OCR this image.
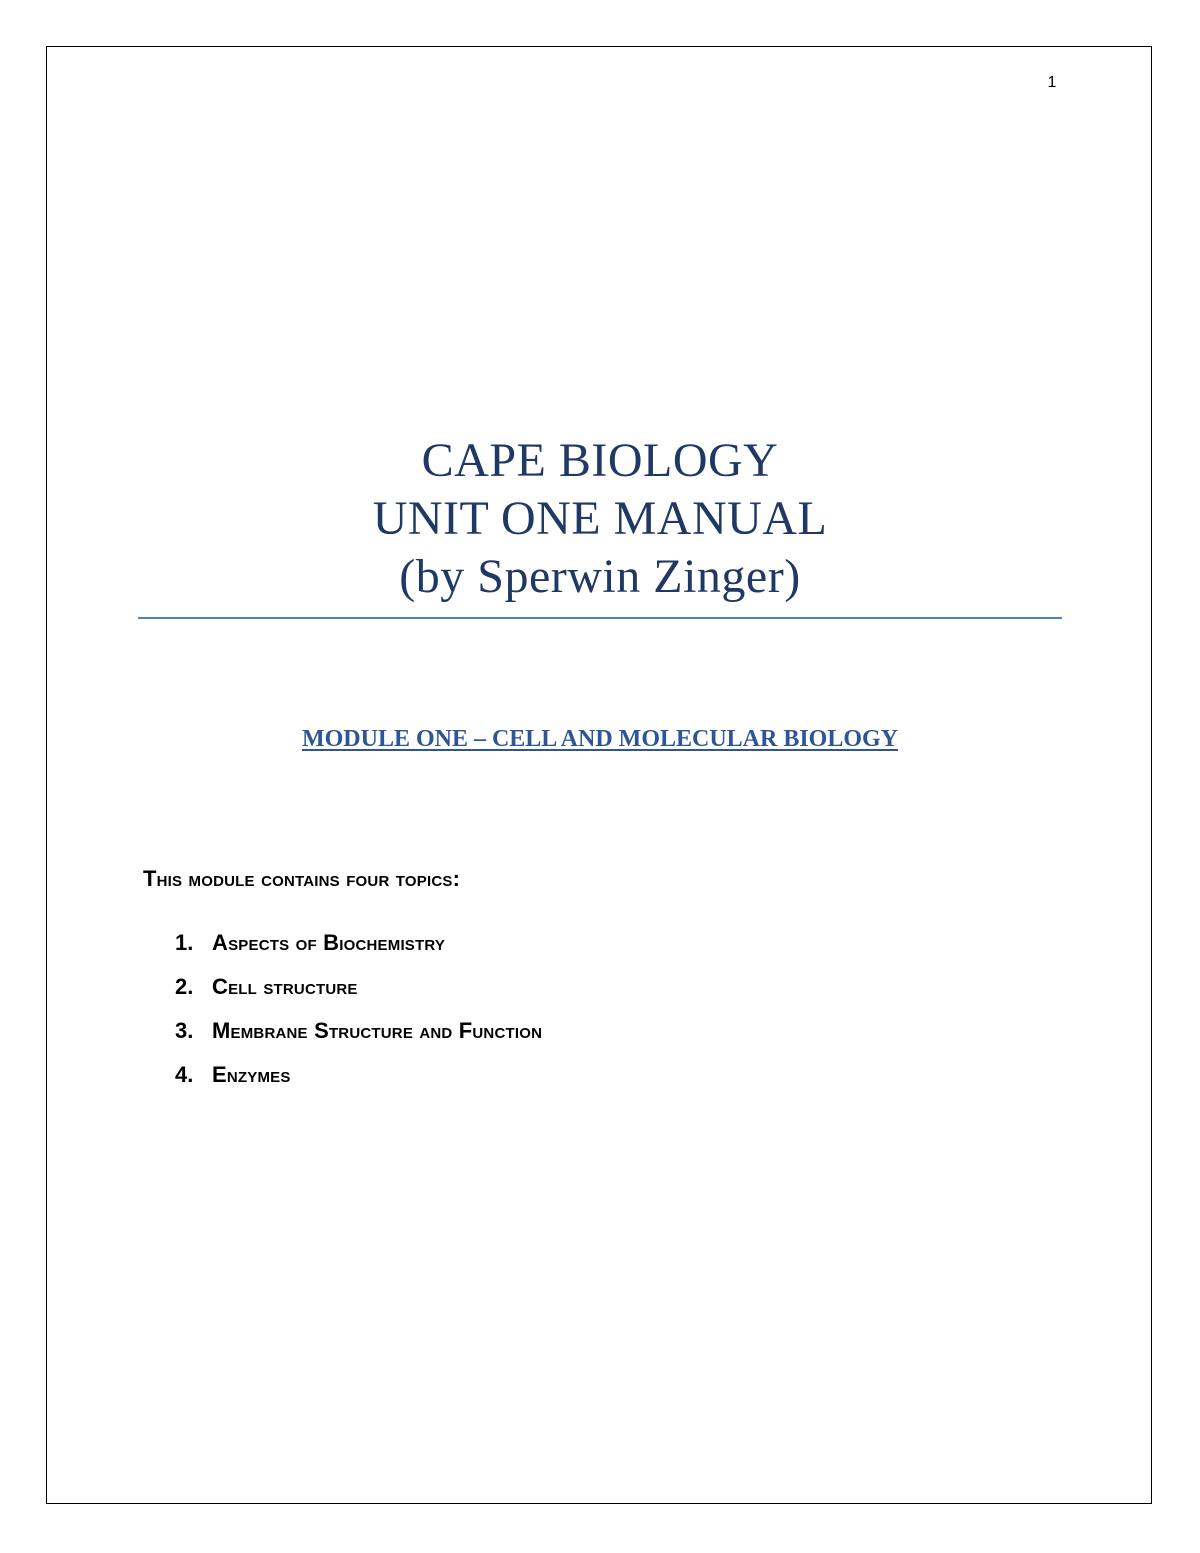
1
CAPE BIOLOGY
UNIT ONE MANUAL
(by Sperwin Zinger)
MODULE ONE – CELL AND MOLECULAR BIOLOGY
This module contains four topics:
1. Aspects of Biochemistry
2. Cell structure
3. Membrane Structure and Function
4. Enzymes
